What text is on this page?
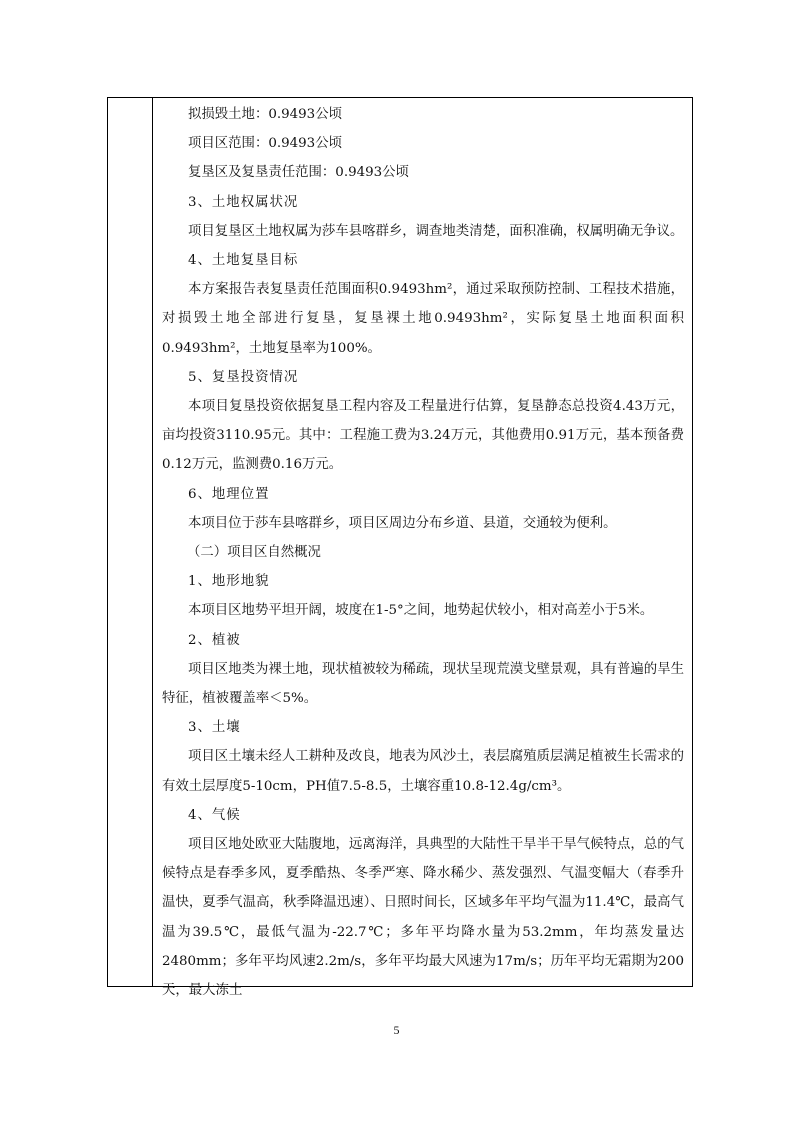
拟损毁土地：0.9493公顷

项目区范围：0.9493公顷

复垦区及复垦责任范围：0.9493公顷

3、土地权属状况

项目复垦区土地权属为莎车县喀群乡，调查地类清楚，面积准确，权属明确无争议。

4、土地复垦目标

本方案报告表复垦责任范围面积0.9493hm²，通过采取预防控制、工程技术措施，对损毁土地全部进行复垦，复垦裸土地0.9493hm²，实际复垦土地面积面积0.9493hm²，土地复垦率为100%。

5、复垦投资情况

本项目复垦投资依据复垦工程内容及工程量进行估算，复垦静态总投资4.43万元，亩均投资3110.95元。其中：工程施工费为3.24万元，其他费用0.91万元，基本预备费0.12万元，监测费0.16万元。

6、地理位置

本项目位于莎车县喀群乡，项目区周边分布乡道、县道，交通较为便利。

（二）项目区自然概况

1、地形地貌

本项目区地势平坦开阔，坡度在1-5°之间，地势起伏较小，相对高差小于5米。

2、植被

项目区地类为裸土地，现状植被较为稀疏，现状呈现荒漠戈壁景观，具有普遍的旱生特征，植被覆盖率＜5%。

3、土壤

项目区土壤未经人工耕种及改良，地表为风沙土，表层腐殖质层满足植被生长需求的有效土层厚度5-10cm，PH值7.5-8.5，土壤容重10.8-12.4g/cm³。

4、气候

项目区地处欧亚大陆腹地，远离海洋，具典型的大陆性干旱半干旱气候特点，总的气候特点是春季多风，夏季酷热、冬季严寒、降水稀少、蒸发强烈、气温变幅大（春季升温快，夏季气温高，秋季降温迅速）、日照时间长，区域多年平均气温为11.4℃，最高气温为39.5℃，最低气温为-22.7℃；多年平均降水量为53.2mm，年均蒸发量达2480mm；多年平均风速2.2m/s，多年平均最大风速为17m/s；历年平均无霜期为200天，最大冻土

5
